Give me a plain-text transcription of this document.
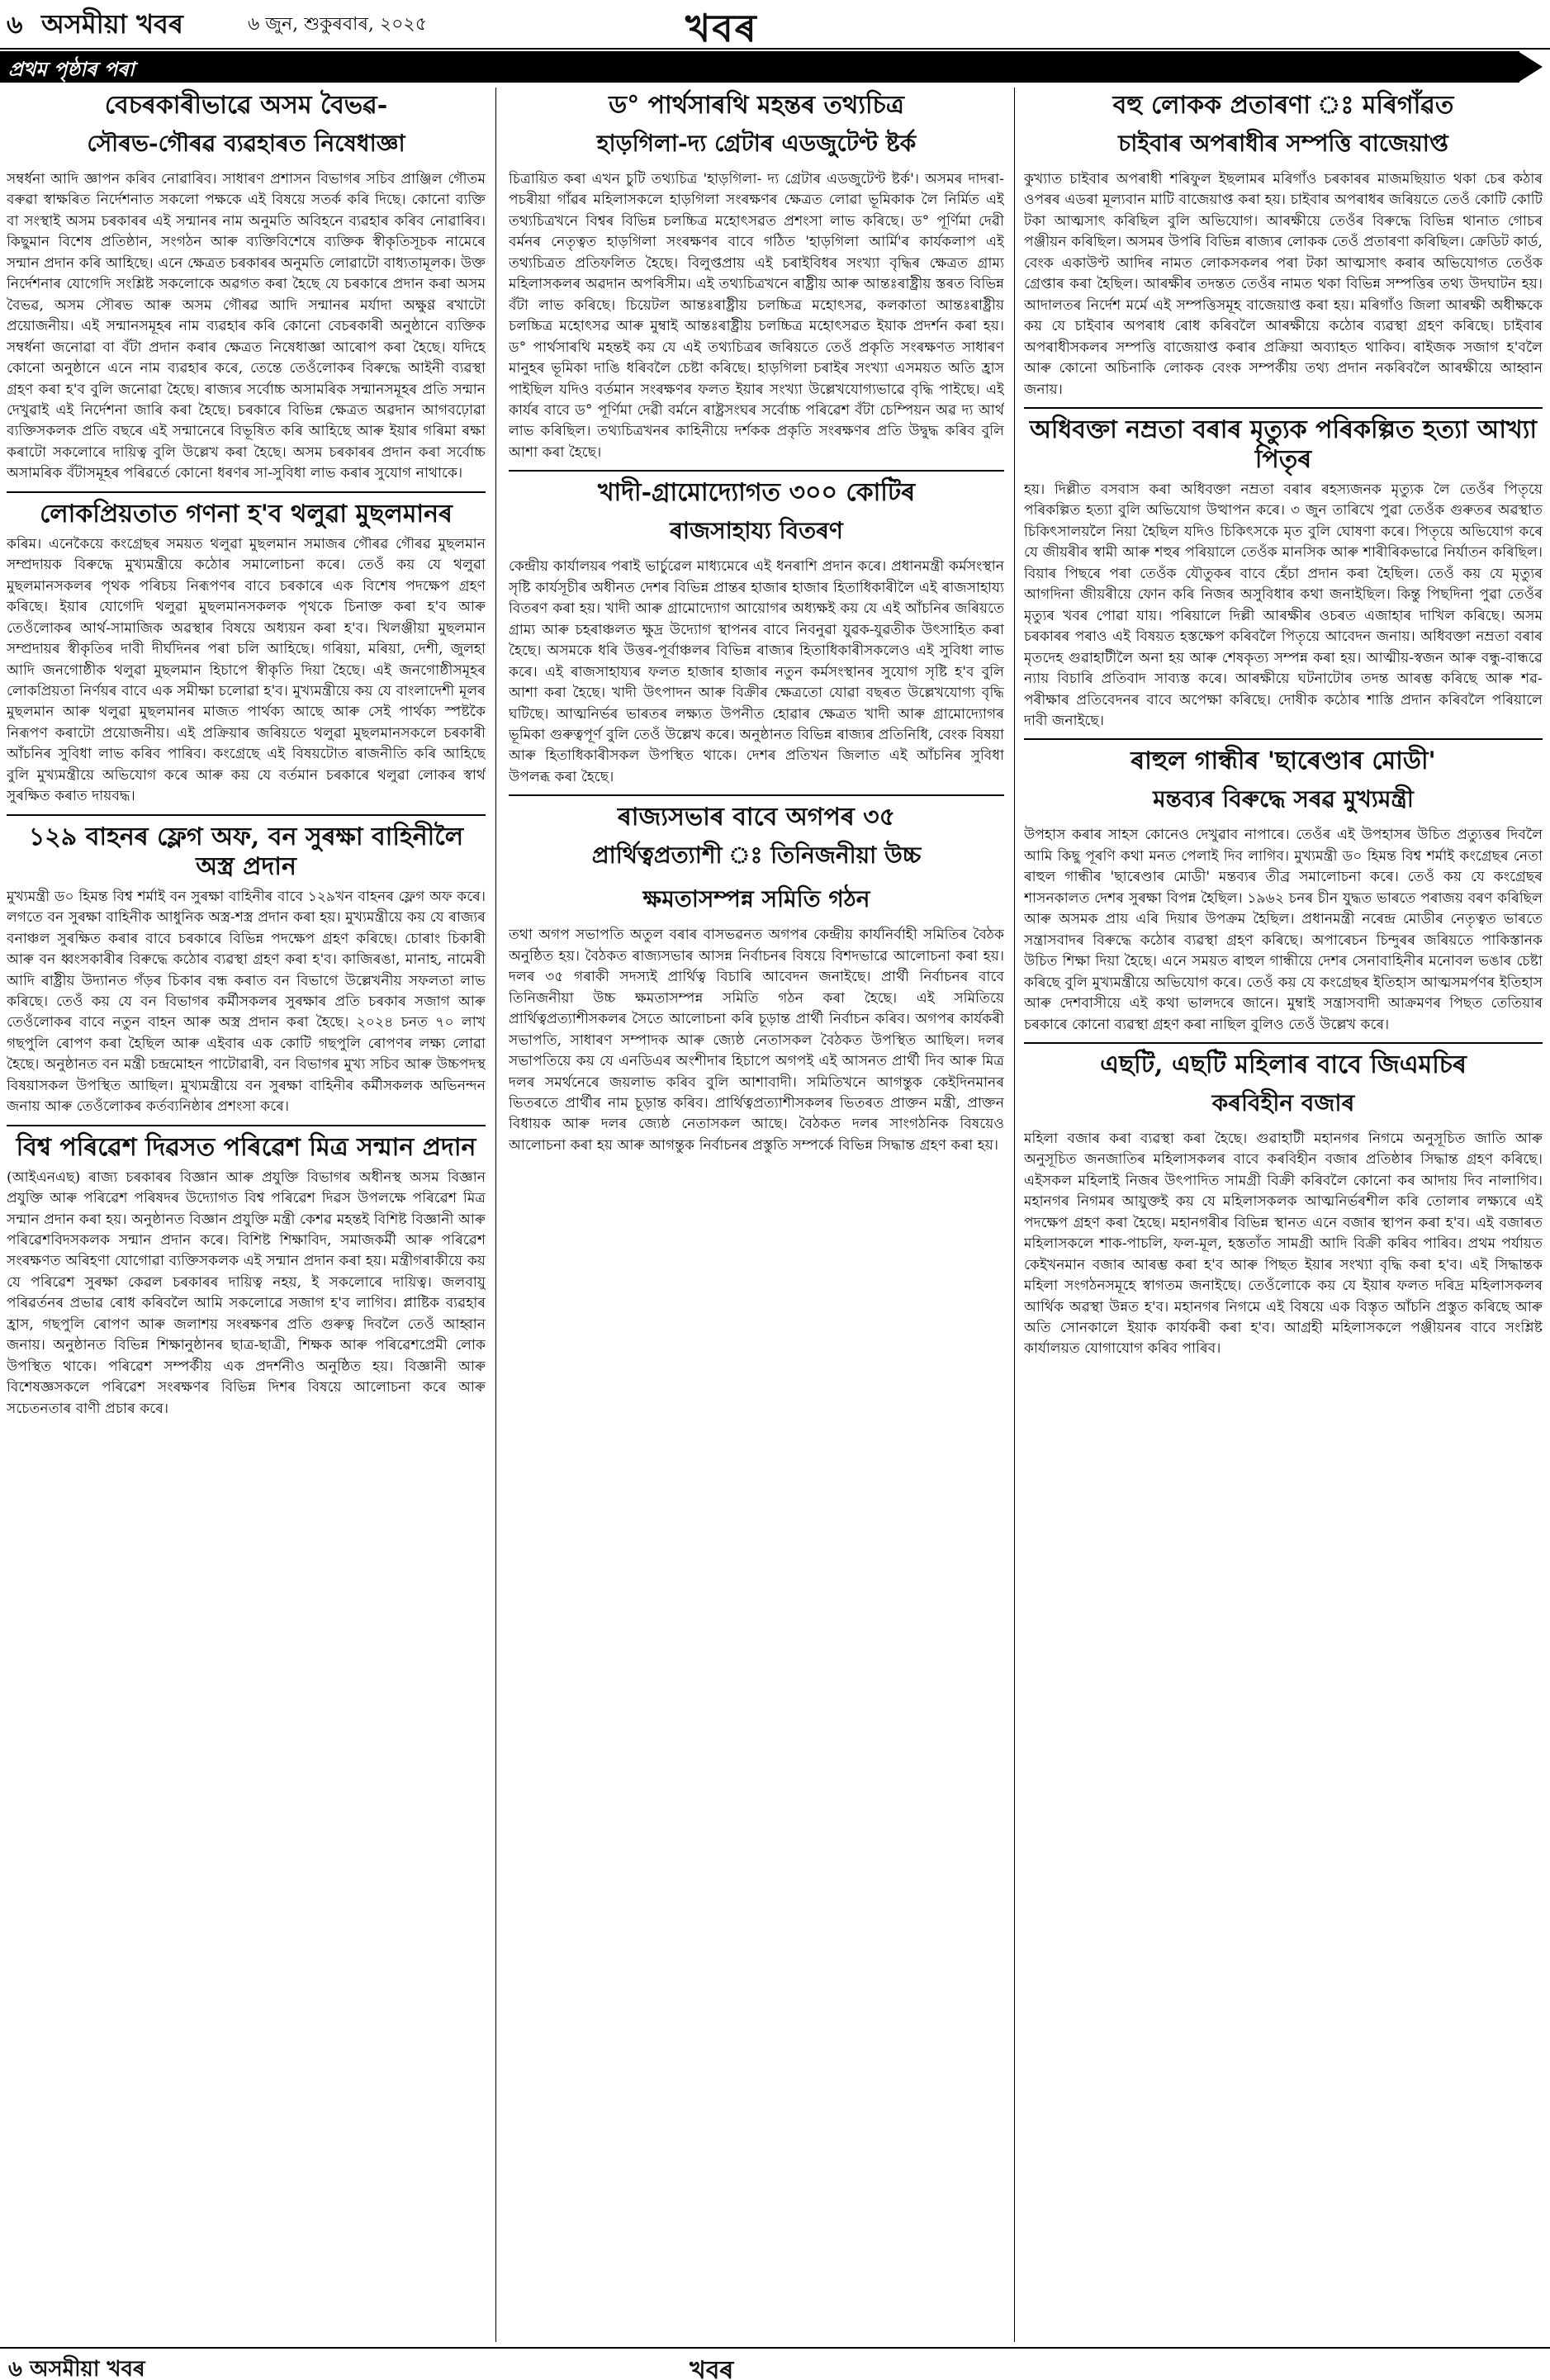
৬ অসমীয়া খবৰ	৬ জুন, শুকুৰবাৰ, ২০২৫	খবৰ
প্ৰথম পৃষ্ঠাৰ পৰা
বেচৰকাৰীভাৱে অসম বৈভৱ-
সৌৰভ-গৌৰৱ ব্যৱহাৰত নিষেধাজ্ঞা

সম্বৰ্ধনা আদি জ্ঞাপন কৰিব নোৱাৰিব। সাধাৰণ প্ৰশাসন বিভাগৰ সচিব প্ৰাঞ্জিল গৌতম বৰুৱা স্বাক্ষৰিত নিৰ্দেশনাত সকলো পক্ষকে এই বিষয়ে সতৰ্ক কৰি দিছে। কোনো ব্যক্তি বা সংস্থাই অসম চৰকাৰৰ এই সন্মানৰ নাম অনুমতি অবিহনে ব্যৱহাৰ কৰিব নোৱাৰিব। কিছুমান বিশেষ প্ৰতিষ্ঠান, সংগঠন আৰু ব্যক্তিবিশেষে ব্যক্তিক স্বীকৃতিসূচক নামেৰে সন্মান প্ৰদান কৰি আহিছে। এনে ক্ষেত্ৰত চৰকাৰৰ অনুমতি লোৱাটো বাধ্যতামূলক। উক্ত নিৰ্দেশনাৰ যোগেদি সংশ্লিষ্ট সকলোকে অৱগত কৰা হৈছে যে চৰকাৰে প্ৰদান কৰা অসম বৈভৱ, অসম সৌৰভ আৰু অসম গৌৰৱ আদি সন্মানৰ মৰ্যাদা অক্ষুণ্ণ ৰখাটো প্ৰয়োজনীয়। এই সন্মানসমূহৰ নাম ব্যৱহাৰ কৰি কোনো বেচৰকাৰী অনুষ্ঠানে ব্যক্তিক সম্বৰ্ধনা জনোৱা বা বঁটা প্ৰদান কৰাৰ ক্ষেত্ৰত নিষেধাজ্ঞা আৰোপ কৰা হৈছে। যদিহে কোনো অনুষ্ঠানে এনে নাম ব্যৱহাৰ কৰে, তেন্তে তেওঁলোকৰ বিৰুদ্ধে আইনী ব্যৱস্থা গ্ৰহণ কৰা হ'ব বুলি জনোৱা হৈছে। ৰাজ্যৰ সৰ্বোচ্চ অসামৰিক সন্মানসমূহৰ প্ৰতি সন্মান দেখুৱাই এই নিৰ্দেশনা জাৰি কৰা হৈছে। চৰকাৰে বিভিন্ন ক্ষেত্ৰত অৱদান আগবঢ়োৱা ব্যক্তিসকলক প্ৰতি বছৰে এই সন্মানেৰে বিভূষিত কৰি আহিছে আৰু ইয়াৰ গৰিমা ৰক্ষা কৰাটো সকলোৰে দায়িত্ব বুলি উল্লেখ কৰা হৈছে। অসম চৰকাৰৰ প্ৰদান কৰা সৰ্বোচ্চ অসামৰিক বঁটাসমূহৰ পৰিৱৰ্তে কোনো ধৰণৰ সা-সুবিধা লাভ কৰাৰ সুযোগ নাথাকে।

লোকপ্ৰিয়তাত গণনা হ'ব থলুৱা মুছলমানৰ

কৰিম। এনেকৈয়ে কংগ্ৰেছৰ সময়ত থলুৱা মুছলমান সমাজৰ গৌৰৱ গৌৰৱ মুছলমান সম্প্ৰদায়ক বিৰুদ্ধে মুখ্যমন্ত্ৰীয়ে কঠোৰ সমালোচনা কৰে। তেওঁ কয় যে থলুৱা মুছলমানসকলৰ পৃথক পৰিচয় নিৰূপণৰ বাবে চৰকাৰে এক বিশেষ পদক্ষেপ গ্ৰহণ কৰিছে। ইয়াৰ যোগেদি থলুৱা মুছলমানসকলক পৃথকে চিনাক্ত কৰা হ'ব আৰু তেওঁলোকৰ আৰ্থ-সামাজিক অৱস্থাৰ বিষয়ে অধ্যয়ন কৰা হ'ব। খিলঞ্জীয়া মুছলমান সম্প্ৰদায়ৰ স্বীকৃতিৰ দাবী দীৰ্ঘদিনৰ পৰা চলি আহিছে। গৰিয়া, মৰিয়া, দেশী, জুলহা আদি জনগোষ্ঠীক থলুৱা মুছলমান হিচাপে স্বীকৃতি দিয়া হৈছে। এই জনগোষ্ঠীসমূহৰ লোকপ্ৰিয়তা নিৰ্ণয়ৰ বাবে এক সমীক্ষা চলোৱা হ'ব। মুখ্যমন্ত্ৰীয়ে কয় যে বাংলাদেশী মূলৰ মুছলমান আৰু থলুৱা মুছলমানৰ মাজত পাৰ্থক্য আছে আৰু সেই পাৰ্থক্য স্পষ্টকৈ নিৰূপণ কৰাটো প্ৰয়োজনীয়। এই প্ৰক্ৰিয়াৰ জৰিয়তে থলুৱা মুছলমানসকলে চৰকাৰী আঁচনিৰ সুবিধা লাভ কৰিব পাৰিব। কংগ্ৰেছে এই বিষয়টোত ৰাজনীতি কৰি আহিছে বুলি মুখ্যমন্ত্ৰীয়ে অভিযোগ কৰে আৰু কয় যে বৰ্তমান চৰকাৰে থলুৱা লোকৰ স্বাৰ্থ সুৰক্ষিত কৰাত দায়বদ্ধ।

১২৯ বাহনৰ ফ্লেগ অফ, বন সুৰক্ষা বাহিনীলৈ অস্ত্ৰ প্ৰদান

মুখ্যমন্ত্ৰী ড০ হিমন্ত বিশ্ব শৰ্মাই বন সুৰক্ষা বাহিনীৰ বাবে ১২৯খন বাহনৰ ফ্লেগ অফ কৰে। লগতে বন সুৰক্ষা বাহিনীক আধুনিক অস্ত্ৰ-শস্ত্ৰ প্ৰদান কৰা হয়। মুখ্যমন্ত্ৰীয়ে কয় যে ৰাজ্যৰ বনাঞ্চল সুৰক্ষিত কৰাৰ বাবে চৰকাৰে বিভিন্ন পদক্ষেপ গ্ৰহণ কৰিছে। চোৰাং চিকাৰী আৰু বন ধ্বংসকাৰীৰ বিৰুদ্ধে কঠোৰ ব্যৱস্থা গ্ৰহণ কৰা হ'ব। কাজিৰঙা, মানাহ, নামেৰী আদি ৰাষ্ট্ৰীয় উদ্যানত গঁড়ৰ চিকাৰ বন্ধ কৰাত বন বিভাগে উল্লেখনীয় সফলতা লাভ কৰিছে। তেওঁ কয় যে বন বিভাগৰ কৰ্মীসকলৰ সুৰক্ষাৰ প্ৰতি চৰকাৰ সজাগ আৰু তেওঁলোকৰ বাবে নতুন বাহন আৰু অস্ত্ৰ প্ৰদান কৰা হৈছে। ২০২৪ চনত ৭০ লাখ গছপুলি ৰোপণ কৰা হৈছিল আৰু এইবাৰ এক কোটি গছপুলি ৰোপণৰ লক্ষ্য লোৱা হৈছে। অনুষ্ঠানত বন মন্ত্ৰী চন্দ্ৰমোহন পাটোৱাৰী, বন বিভাগৰ মুখ্য সচিব আৰু উচ্চপদস্থ বিষয়াসকল উপস্থিত আছিল। মুখ্যমন্ত্ৰীয়ে বন সুৰক্ষা বাহিনীৰ কৰ্মীসকলক অভিনন্দন জনায় আৰু তেওঁলোকৰ কৰ্তব্যনিষ্ঠাৰ প্ৰশংসা কৰে।

বিশ্ব পৰিৱেশ দিৱসত পৰিৱেশ মিত্ৰ সন্মান প্ৰদান

(আইএনএছ) ৰাজ্য চৰকাৰৰ বিজ্ঞান আৰু প্ৰযুক্তি বিভাগৰ অধীনস্থ অসম বিজ্ঞান প্ৰযুক্তি আৰু পৰিৱেশ পৰিষদৰ উদ্যোগত বিশ্ব পৰিৱেশ দিৱস উপলক্ষে পৰিৱেশ মিত্ৰ সন্মান প্ৰদান কৰা হয়। অনুষ্ঠানত বিজ্ঞান প্ৰযুক্তি মন্ত্ৰী কেশৱ মহন্তই বিশিষ্ট বিজ্ঞানী আৰু পৰিৱেশবিদসকলক সন্মান প্ৰদান কৰে। বিশিষ্ট শিক্ষাবিদ, সমাজকৰ্মী আৰু পৰিৱেশ সংৰক্ষণত অৰিহণা যোগোৱা ব্যক্তিসকলক এই সন্মান প্ৰদান কৰা হয়। মন্ত্ৰীগৰাকীয়ে কয় যে পৰিৱেশ সুৰক্ষা কেৱল চৰকাৰৰ দায়িত্ব নহয়, ই সকলোৰে দায়িত্ব। জলবায়ু পৰিৱৰ্তনৰ প্ৰভাৱ ৰোধ কৰিবলৈ আমি সকলোৱে সজাগ হ'ব লাগিব। প্লাষ্টিক ব্যৱহাৰ হ্ৰাস, গছপুলি ৰোপণ আৰু জলাশয় সংৰক্ষণৰ প্ৰতি গুৰুত্ব দিবলৈ তেওঁ আহ্বান জনায়। অনুষ্ঠানত বিভিন্ন শিক্ষানুষ্ঠানৰ ছাত্ৰ-ছাত্ৰী, শিক্ষক আৰু পৰিৱেশপ্ৰেমী লোক উপস্থিত থাকে। পৰিৱেশ সম্পৰ্কীয় এক প্ৰদৰ্শনীও অনুষ্ঠিত হয়। বিজ্ঞানী আৰু বিশেষজ্ঞসকলে পৰিৱেশ সংৰক্ষণৰ বিভিন্ন দিশৰ বিষয়ে আলোচনা কৰে আৰু সচেতনতাৰ বাণী প্ৰচাৰ কৰে।

ড° পাৰ্থসাৰথি মহন্তৰ তথ্যচিত্ৰ
হাড়গিলা-দ্য গ্ৰেটাৰ এডজুটেণ্ট ষ্টৰ্ক

চিত্ৰায়িত কৰা এখন চুটি তথ্যচিত্ৰ 'হাড়গিলা- দ্য গ্ৰেটাৰ এডজুটেণ্ট ষ্টৰ্ক'। অসমৰ দাদৰা-পচৰীয়া গাঁৱৰ মহিলাসকলে হাড়গিলা সংৰক্ষণৰ ক্ষেত্ৰত লোৱা ভূমিকাক লৈ নিৰ্মিত এই তথ্যচিত্ৰখনে বিশ্বৰ বিভিন্ন চলচ্চিত্ৰ মহোৎসৱত প্ৰশংসা লাভ কৰিছে। ড° পূৰ্ণিমা দেৱী বৰ্মনৰ নেতৃত্বত হাড়গিলা সংৰক্ষণৰ বাবে গঠিত 'হাড়গিলা আৰ্মি'ৰ কাৰ্যকলাপ এই তথ্যচিত্ৰত প্ৰতিফলিত হৈছে। বিলুপ্তপ্ৰায় এই চৰাইবিধৰ সংখ্যা বৃদ্ধিৰ ক্ষেত্ৰত গ্ৰাম্য মহিলাসকলৰ অৱদান অপৰিসীম। এই তথ্যচিত্ৰখনে ৰাষ্ট্ৰীয় আৰু আন্তঃৰাষ্ট্ৰীয় স্তৰত বিভিন্ন বঁটা লাভ কৰিছে। চিয়েটল আন্তঃৰাষ্ট্ৰীয় চলচ্চিত্ৰ মহোৎসৱ, কলকাতা আন্তঃৰাষ্ট্ৰীয় চলচ্চিত্ৰ মহোৎসৱ আৰু মুম্বাই আন্তঃৰাষ্ট্ৰীয় চলচ্চিত্ৰ মহোৎসৱত ইয়াক প্ৰদৰ্শন কৰা হয়। ড° পাৰ্থসাৰথি মহন্তই কয় যে এই তথ্যচিত্ৰৰ জৰিয়তে তেওঁ প্ৰকৃতি সংৰক্ষণত সাধাৰণ মানুহৰ ভূমিকা দাঙি ধৰিবলৈ চেষ্টা কৰিছে। হাড়গিলা চৰাইৰ সংখ্যা এসময়ত অতি হ্ৰাস পাইছিল যদিও বৰ্তমান সংৰক্ষণৰ ফলত ইয়াৰ সংখ্যা উল্লেখযোগ্যভাৱে বৃদ্ধি পাইছে। এই কাৰ্যৰ বাবে ড° পূৰ্ণিমা দেৱী বৰ্মনে ৰাষ্ট্ৰসংঘৰ সৰ্বোচ্চ পৰিৱেশ বঁটা চেম্পিয়ন অৱ দ্য আৰ্থ লাভ কৰিছিল। তথ্যচিত্ৰখনৰ কাহিনীয়ে দৰ্শকক প্ৰকৃতি সংৰক্ষণৰ প্ৰতি উদ্বুদ্ধ কৰিব বুলি আশা কৰা হৈছে।

খাদী-গ্ৰামোদ্যোগত ৩০০ কোটিৰ
ৰাজসাহায্য বিতৰণ

কেন্দ্ৰীয় কাৰ্যালয়ৰ পৰাই ভাৰ্চুৱেল মাধ্যমেৰে এই ধনৰাশি প্ৰদান কৰে। প্ৰধানমন্ত্ৰী কৰ্মসংস্থান সৃষ্টি কাৰ্যসূচীৰ অধীনত দেশৰ বিভিন্ন প্ৰান্তৰ হাজাৰ হাজাৰ হিতাধিকাৰীলৈ এই ৰাজসাহায্য বিতৰণ কৰা হয়। খাদী আৰু গ্ৰামোদ্যোগ আয়োগৰ অধ্যক্ষই কয় যে এই আঁচনিৰ জৰিয়তে গ্ৰাম্য আৰু চহৰাঞ্চলত ক্ষুদ্ৰ উদ্যোগ স্থাপনৰ বাবে নিবনুৱা যুৱক-যুৱতীক উৎসাহিত কৰা হৈছে। অসমকে ধৰি উত্তৰ-পূৰ্বাঞ্চলৰ বিভিন্ন ৰাজ্যৰ হিতাধিকাৰীসকলেও এই সুবিধা লাভ কৰে। এই ৰাজসাহায্যৰ ফলত হাজাৰ হাজাৰ নতুন কৰ্মসংস্থানৰ সুযোগ সৃষ্টি হ'ব বুলি আশা কৰা হৈছে। খাদী উৎপাদন আৰু বিক্ৰীৰ ক্ষেত্ৰতো যোৱা বছৰত উল্লেখযোগ্য বৃদ্ধি ঘটিছে। আত্মনিৰ্ভৰ ভাৰতৰ লক্ষ্যত উপনীত হোৱাৰ ক্ষেত্ৰত খাদী আৰু গ্ৰামোদ্যোগৰ ভূমিকা গুৰুত্বপূৰ্ণ বুলি তেওঁ উল্লেখ কৰে। অনুষ্ঠানত বিভিন্ন ৰাজ্যৰ প্ৰতিনিধি, বেংক বিষয়া আৰু হিতাধিকাৰীসকল উপস্থিত থাকে। দেশৰ প্ৰতিখন জিলাত এই আঁচনিৰ সুবিধা উপলব্ধ কৰা হৈছে।

ৰাজ্যসভাৰ বাবে অগপৰ ৩৫
প্ৰাৰ্থিত্বপ্ৰত্যাশী ঃ তিনিজনীয়া উচ্চ
ক্ষমতাসম্পন্ন সমিতি গঠন

তথা অগপ সভাপতি অতুল বৰাৰ বাসভৱনত অগপৰ কেন্দ্ৰীয় কাৰ্যনিৰ্বাহী সমিতিৰ বৈঠক অনুষ্ঠিত হয়। বৈঠকত ৰাজ্যসভাৰ আসন্ন নিৰ্বাচনৰ বিষয়ে বিশদভাৱে আলোচনা কৰা হয়। দলৰ ৩৫ গৰাকী সদস্যই প্ৰাৰ্থিত্ব বিচাৰি আবেদন জনাইছে। প্ৰাৰ্থী নিৰ্বাচনৰ বাবে তিনিজনীয়া উচ্চ ক্ষমতাসম্পন্ন সমিতি গঠন কৰা হৈছে। এই সমিতিয়ে প্ৰাৰ্থিত্বপ্ৰত্যাশীসকলৰ সৈতে আলোচনা কৰি চূড়ান্ত প্ৰাৰ্থী নিৰ্বাচন কৰিব। অগপৰ কাৰ্যকৰী সভাপতি, সাধাৰণ সম্পাদক আৰু জ্যেষ্ঠ নেতাসকল বৈঠকত উপস্থিত আছিল। দলৰ সভাপতিয়ে কয় যে এনডিএৰ অংশীদাৰ হিচাপে অগপই এই আসনত প্ৰাৰ্থী দিব আৰু মিত্ৰ দলৰ সমৰ্থনেৰে জয়লাভ কৰিব বুলি আশাবাদী। সমিতিখনে আগন্তুক কেইদিনমানৰ ভিতৰতে প্ৰাৰ্থীৰ নাম চূড়ান্ত কৰিব। প্ৰাৰ্থিত্বপ্ৰত্যাশীসকলৰ ভিতৰত প্ৰাক্তন মন্ত্ৰী, প্ৰাক্তন বিধায়ক আৰু দলৰ জ্যেষ্ঠ নেতাসকল আছে। বৈঠকত দলৰ সাংগঠনিক বিষয়েও আলোচনা কৰা হয় আৰু আগন্তুক নিৰ্বাচনৰ প্ৰস্তুতি সম্পৰ্কে বিভিন্ন সিদ্ধান্ত গ্ৰহণ কৰা হয়।

বহু লোকক প্ৰতাৰণা ঃ মৰিগাঁৱত
চাইবাৰ অপৰাধীৰ সম্পত্তি বাজেয়াপ্ত

কুখ্যাত চাইবাৰ অপৰাধী শৰিফুল ইছলামৰ মৰিগাঁও চৰকাৰৰ মাজমছিয়াত থকা চেৰ কঠাৰ ওপৰৰ এডৰা মূল্যবান মাটি বাজেয়াপ্ত কৰা হয়। চাইবাৰ অপৰাধৰ জৰিয়তে তেওঁ কোটি কোটি টকা আত্মসাৎ কৰিছিল বুলি অভিযোগ। আৰক্ষীয়ে তেওঁৰ বিৰুদ্ধে বিভিন্ন থানাত গোচৰ পঞ্জীয়ন কৰিছিল। অসমৰ উপৰি বিভিন্ন ৰাজ্যৰ লোকক তেওঁ প্ৰতাৰণা কৰিছিল। ক্ৰেডিট কাৰ্ড, বেংক একাউণ্ট আদিৰ নামত লোকসকলৰ পৰা টকা আত্মসাৎ কৰাৰ অভিযোগত তেওঁক গ্ৰেপ্তাৰ কৰা হৈছিল। আৰক্ষীৰ তদন্তত তেওঁৰ নামত থকা বিভিন্ন সম্পত্তিৰ তথ্য উদঘাটন হয়। আদালতৰ নিৰ্দেশ মৰ্মে এই সম্পত্তিসমূহ বাজেয়াপ্ত কৰা হয়। মৰিগাঁও জিলা আৰক্ষী অধীক্ষকে কয় যে চাইবাৰ অপৰাধ ৰোধ কৰিবলৈ আৰক্ষীয়ে কঠোৰ ব্যৱস্থা গ্ৰহণ কৰিছে। চাইবাৰ অপৰাধীসকলৰ সম্পত্তি বাজেয়াপ্ত কৰাৰ প্ৰক্ৰিয়া অব্যাহত থাকিব। ৰাইজক সজাগ হ'বলৈ আৰু কোনো অচিনাকি লোকক বেংক সম্পৰ্কীয় তথ্য প্ৰদান নকৰিবলৈ আৰক্ষীয়ে আহ্বান জনায়।

অধিবক্তা নম্ৰতা বৰাৰ মৃত্যুক পৰিকল্পিত হত্যা আখ্যা পিতৃৰ

হয়। দিল্লীত বসবাস কৰা অধিবক্তা নম্ৰতা বৰাৰ ৰহস্যজনক মৃত্যুক লৈ তেওঁৰ পিতৃয়ে পৰিকল্পিত হত্যা বুলি অভিযোগ উত্থাপন কৰে। ৩ জুন তাৰিখে পুৱা তেওঁক গুৰুতৰ অৱস্থাত চিকিৎসালয়লৈ নিয়া হৈছিল যদিও চিকিৎসকে মৃত বুলি ঘোষণা কৰে। পিতৃয়ে অভিযোগ কৰে যে জীয়ৰীৰ স্বামী আৰু শহুৰ পৰিয়ালে তেওঁক মানসিক আৰু শাৰীৰিকভাৱে নিৰ্যাতন কৰিছিল। বিয়াৰ পিছৰে পৰা তেওঁক যৌতুকৰ বাবে হেঁচা প্ৰদান কৰা হৈছিল। তেওঁ কয় যে মৃত্যুৰ আগদিনা জীয়ৰীয়ে ফোন কৰি নিজৰ অসুবিধাৰ কথা জনাইছিল। কিন্তু পিছদিনা পুৱা তেওঁৰ মৃত্যুৰ খবৰ পোৱা যায়। পৰিয়ালে দিল্লী আৰক্ষীৰ ওচৰত এজাহাৰ দাখিল কৰিছে। অসম চৰকাৰৰ পৰাও এই বিষয়ত হস্তক্ষেপ কৰিবলৈ পিতৃয়ে আবেদন জনায়। অধিবক্তা নম্ৰতা বৰাৰ মৃতদেহ গুৱাহাটীলৈ অনা হয় আৰু শেষকৃত্য সম্পন্ন কৰা হয়। আত্মীয়-স্বজন আৰু বন্ধু-বান্ধৱে ন্যায় বিচাৰি প্ৰতিবাদ সাব্যস্ত কৰে। আৰক্ষীয়ে ঘটনাটোৰ তদন্ত আৰম্ভ কৰিছে আৰু শৱ-পৰীক্ষাৰ প্ৰতিবেদনৰ বাবে অপেক্ষা কৰিছে। দোষীক কঠোৰ শাস্তি প্ৰদান কৰিবলৈ পৰিয়ালে দাবী জনাইছে।

ৰাহুল গান্ধীৰ 'ছাৰেণ্ডাৰ মোডী'
মন্তব্যৰ বিৰুদ্ধে সৰৱ মুখ্যমন্ত্ৰী

উপহাস কৰাৰ সাহস কোনেও দেখুৱাব নাপাৰে। তেওঁৰ এই উপহাসৰ উচিত প্ৰত্যুত্তৰ দিবলৈ আমি কিছু পূৰণি কথা মনত পেলাই দিব লাগিব। মুখ্যমন্ত্ৰী ড০ হিমন্ত বিশ্ব শৰ্মাই কংগ্ৰেছৰ নেতা ৰাহুল গান্ধীৰ 'ছাৰেণ্ডাৰ মোডী' মন্তব্যৰ তীব্ৰ সমালোচনা কৰে। তেওঁ কয় যে কংগ্ৰেছৰ শাসনকালত দেশৰ সুৰক্ষা বিপন্ন হৈছিল। ১৯৬২ চনৰ চীন যুদ্ধত ভাৰতে পৰাজয় বৰণ কৰিছিল আৰু অসমক প্ৰায় এৰি দিয়াৰ উপক্ৰম হৈছিল। প্ৰধানমন্ত্ৰী নৰেন্দ্ৰ মোডীৰ নেতৃত্বত ভাৰতে সন্ত্ৰাসবাদৰ বিৰুদ্ধে কঠোৰ ব্যৱস্থা গ্ৰহণ কৰিছে। অপাৰেচন চিন্দুৰৰ জৰিয়তে পাকিস্তানক উচিত শিক্ষা দিয়া হৈছে। এনে সময়ত ৰাহুল গান্ধীয়ে দেশৰ সেনাবাহিনীৰ মনোবল ভঙাৰ চেষ্টা কৰিছে বুলি মুখ্যমন্ত্ৰীয়ে অভিযোগ কৰে। তেওঁ কয় যে কংগ্ৰেছৰ ইতিহাস আত্মসমৰ্পণৰ ইতিহাস আৰু দেশবাসীয়ে এই কথা ভালদৰে জানে। মুম্বাই সন্ত্ৰাসবাদী আক্ৰমণৰ পিছত তেতিয়াৰ চৰকাৰে কোনো ব্যৱস্থা গ্ৰহণ কৰা নাছিল বুলিও তেওঁ উল্লেখ কৰে।

এছটি, এছটি মহিলাৰ বাবে জিএমচিৰ
কৰবিহীন বজাৰ

মহিলা বজাৰ কৰা ব্যৱস্থা কৰা হৈছে। গুৱাহাটী মহানগৰ নিগমে অনুসূচিত জাতি আৰু অনুসূচিত জনজাতিৰ মহিলাসকলৰ বাবে কৰবিহীন বজাৰ প্ৰতিষ্ঠাৰ সিদ্ধান্ত গ্ৰহণ কৰিছে। এইসকল মহিলাই নিজৰ উৎপাদিত সামগ্ৰী বিক্ৰী কৰিবলৈ কোনো কৰ আদায় দিব নালাগিব। মহানগৰ নিগমৰ আয়ুক্তই কয় যে মহিলাসকলক আত্মনিৰ্ভৰশীল কৰি তোলাৰ লক্ষ্যৰে এই পদক্ষেপ গ্ৰহণ কৰা হৈছে। মহানগৰীৰ বিভিন্ন স্থানত এনে বজাৰ স্থাপন কৰা হ'ব। এই বজাৰত মহিলাসকলে শাক-পাচলি, ফল-মূল, হস্ততাঁত সামগ্ৰী আদি বিক্ৰী কৰিব পাৰিব। প্ৰথম পৰ্যায়ত কেইখনমান বজাৰ আৰম্ভ কৰা হ'ব আৰু পিছত ইয়াৰ সংখ্যা বৃদ্ধি কৰা হ'ব। এই সিদ্ধান্তক মহিলা সংগঠনসমূহে স্বাগতম জনাইছে। তেওঁলোকে কয় যে ইয়াৰ ফলত দৰিদ্ৰ মহিলাসকলৰ আৰ্থিক অৱস্থা উন্নত হ'ব। মহানগৰ নিগমে এই বিষয়ে এক বিস্তৃত আঁচনি প্ৰস্তুত কৰিছে আৰু অতি সোনকালে ইয়াক কাৰ্যকৰী কৰা হ'ব। আগ্ৰহী মহিলাসকলে পঞ্জীয়নৰ বাবে সংশ্লিষ্ট কাৰ্যালয়ত যোগাযোগ কৰিব পাৰিব।

৬ অসমীয়া খবৰ	খবৰ
